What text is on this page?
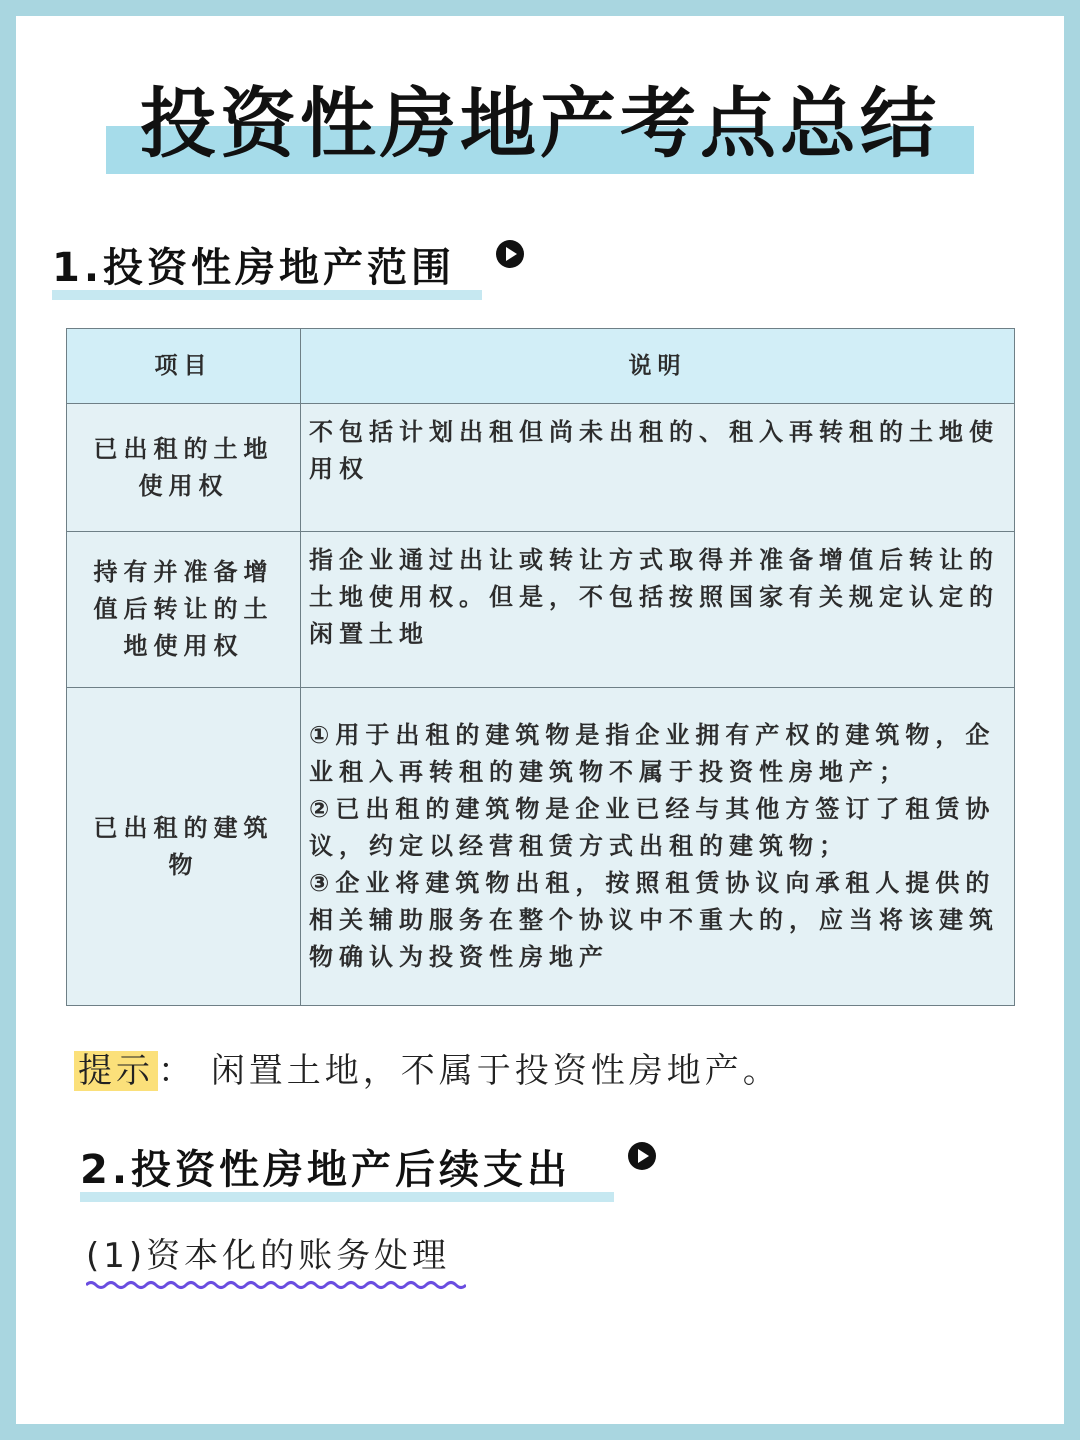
投资性房地产考点总结
1.投资性房地产范围
项目	说明
已出租的土地使用权	不包括计划出租但尚未出租的、租入再转租的土地使用权
持有并准备增值后转让的土地使用权	指企业通过出让或转让方式取得并准备增值后转让的土地使用权。但是，不包括按照国家有关规定认定的闲置土地
已出租的建筑物	①用于出租的建筑物是指企业拥有产权的建筑物，企业租入再转租的建筑物不属于投资性房地产；
②已出租的建筑物是企业已经与其他方签订了租赁协议，约定以经营租赁方式出租的建筑物；
③企业将建筑物出租，按照租赁协议向承租人提供的相关辅助服务在整个协议中不重大的，应当将该建筑物确认为投资性房地产
提示 ： 闲置土地，不属于投资性房地产。
2.投资性房地产后续支出
(1)资本化的账务处理
